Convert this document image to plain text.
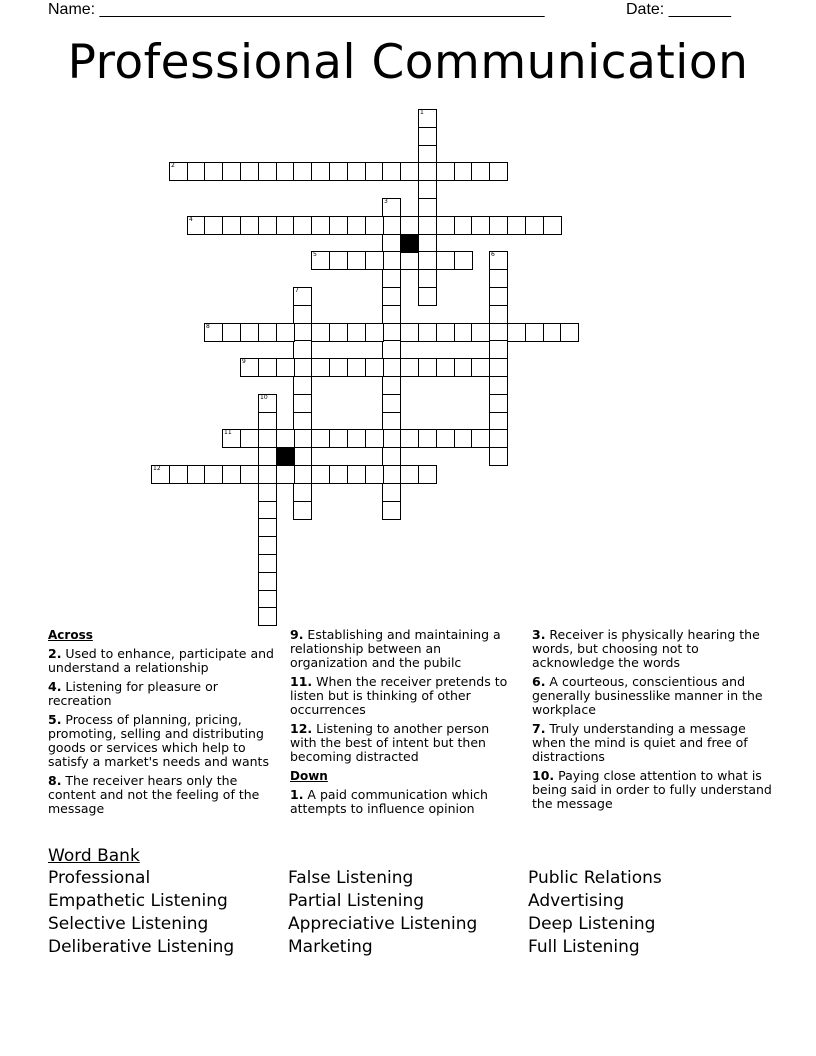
Name: __________________________________________________	Date: _______
Professional Communication
1
2
3
4
5	6
7
8
9
10
11
12
Across
2. Used to enhance, participate and understand a relationship
4. Listening for pleasure or recreation
5. Process of planning, pricing, promoting, selling and distributing goods or services which help to satisfy a market's needs and wants
8. The receiver hears only the content and not the feeling of the message
9. Establishing and maintaining a relationship between an organization and the pubilc
11. When the receiver pretends to listen but is thinking of other occurrences
12. Listening to another person with the best of intent but then becoming distracted
Down
1. A paid communication which attempts to influence opinion
3. Receiver is physically hearing the words, but choosing not to acknowledge the words
6. A courteous, conscientious and generally businesslike manner in the workplace
7. Truly understanding a message when the mind is quiet and free of distractions
10. Paying close attention to what is being said in order to fully understand the message
Word Bank
Professional
Empathetic Listening
Selective Listening
Deliberative Listening
False Listening
Partial Listening
Appreciative Listening
Marketing
Public Relations
Advertising
Deep Listening
Full Listening
